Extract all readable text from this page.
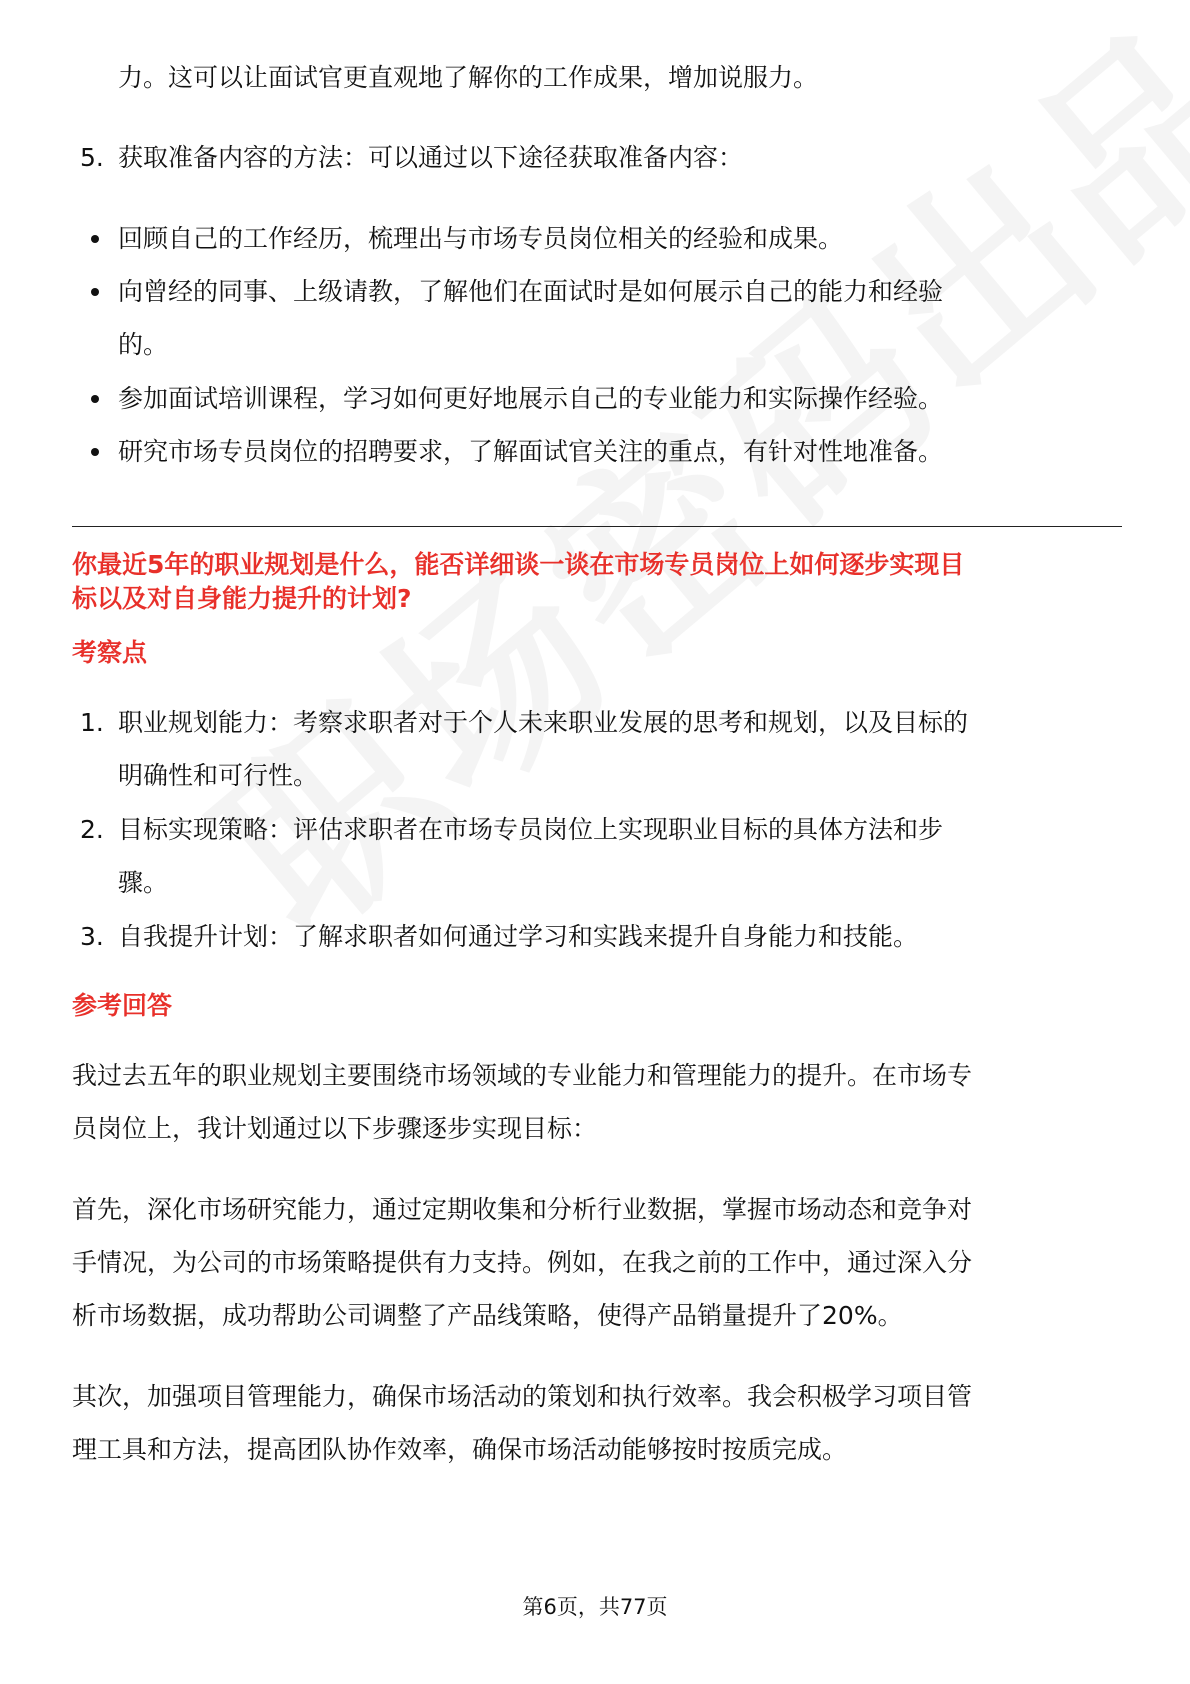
力。这可以让面试官更直观地了解你的工作成果，增加说服力。
5. 获取准备内容的方法：可以通过以下途径获取准备内容：
回顾自己的工作经历，梳理出与市场专员岗位相关的经验和成果。
向曾经的同事、上级请教，了解他们在面试时是如何展示自己的能力和经验
的。
参加面试培训课程，学习如何更好地展示自己的专业能力和实际操作经验。
研究市场专员岗位的招聘要求，了解面试官关注的重点，有针对性地准备。
你最近5年的职业规划是什么，能否详细谈一谈在市场专员岗位上如何逐步实现目
标以及对自身能力提升的计划?
考察点
1. 职业规划能力：考察求职者对于个人未来职业发展的思考和规划，以及目标的
明确性和可行性。
2. 目标实现策略：评估求职者在市场专员岗位上实现职业目标的具体方法和步
骤。
3. 自我提升计划：了解求职者如何通过学习和实践来提升自身能力和技能。
参考回答
我过去五年的职业规划主要围绕市场领域的专业能力和管理能力的提升。在市场专
员岗位上，我计划通过以下步骤逐步实现目标：
首先，深化市场研究能力，通过定期收集和分析行业数据，掌握市场动态和竞争对
手情况，为公司的市场策略提供有力支持。例如，在我之前的工作中，通过深入分
析市场数据，成功帮助公司调整了产品线策略，使得产品销量提升了20%。
其次，加强项目管理能力，确保市场活动的策划和执行效率。我会积极学习项目管
理工具和方法，提高团队协作效率，确保市场活动能够按时按质完成。
第6页，共77页
